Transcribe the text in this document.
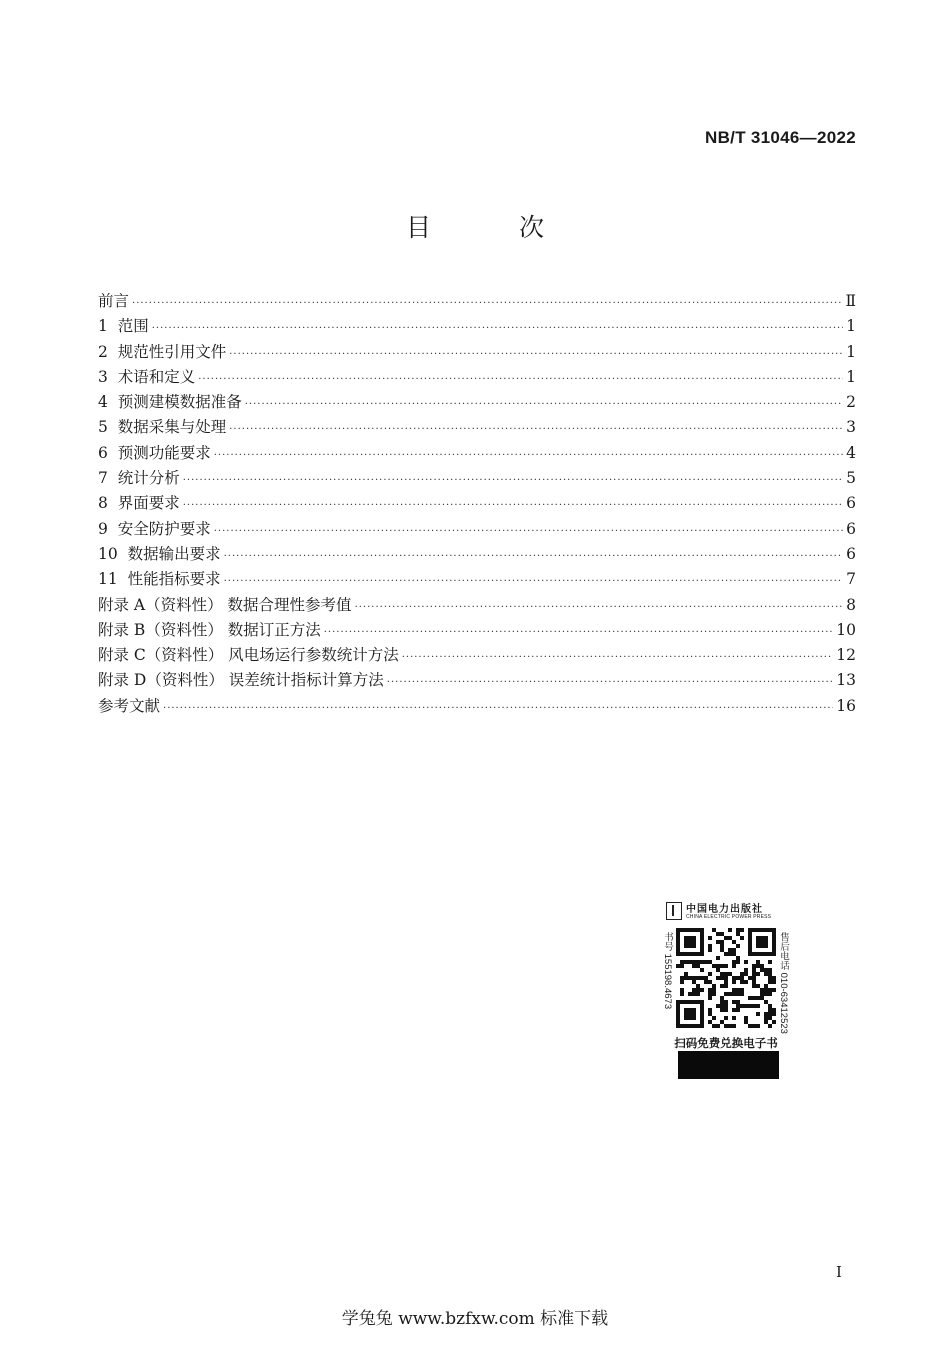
NB/T 31046—2022
目 次
前言 ·····	Ⅱ
1 范围 ·····	1
2 规范性引用文件 ·····	1
3 术语和定义 ·····	1
4 预测建模数据准备 ·····	2
5 数据采集与处理 ·····	3
6 预测功能要求 ·····	4
7 统计分析 ·····	5
8 界面要求 ·····	6
9 安全防护要求 ·····	6
10 数据输出要求 ·····	6
11 性能指标要求 ·····	7
附录 A（资料性） 数据合理性参考值 ·····	8
附录 B（资料性） 数据订正方法 ·····	10
附录 C（资料性） 风电场运行参数统计方法 ·····	12
附录 D（资料性） 误差统计指标计算方法 ·····	13
参考文献 ·····	16
中国电力出版社
CHINA ELECTRIC POWER PRESS
书号 155198.4673	售后电话 010-63412523
扫码免费兑换电子书
I
学兔兔 www.bzfxw.com 标准下载
